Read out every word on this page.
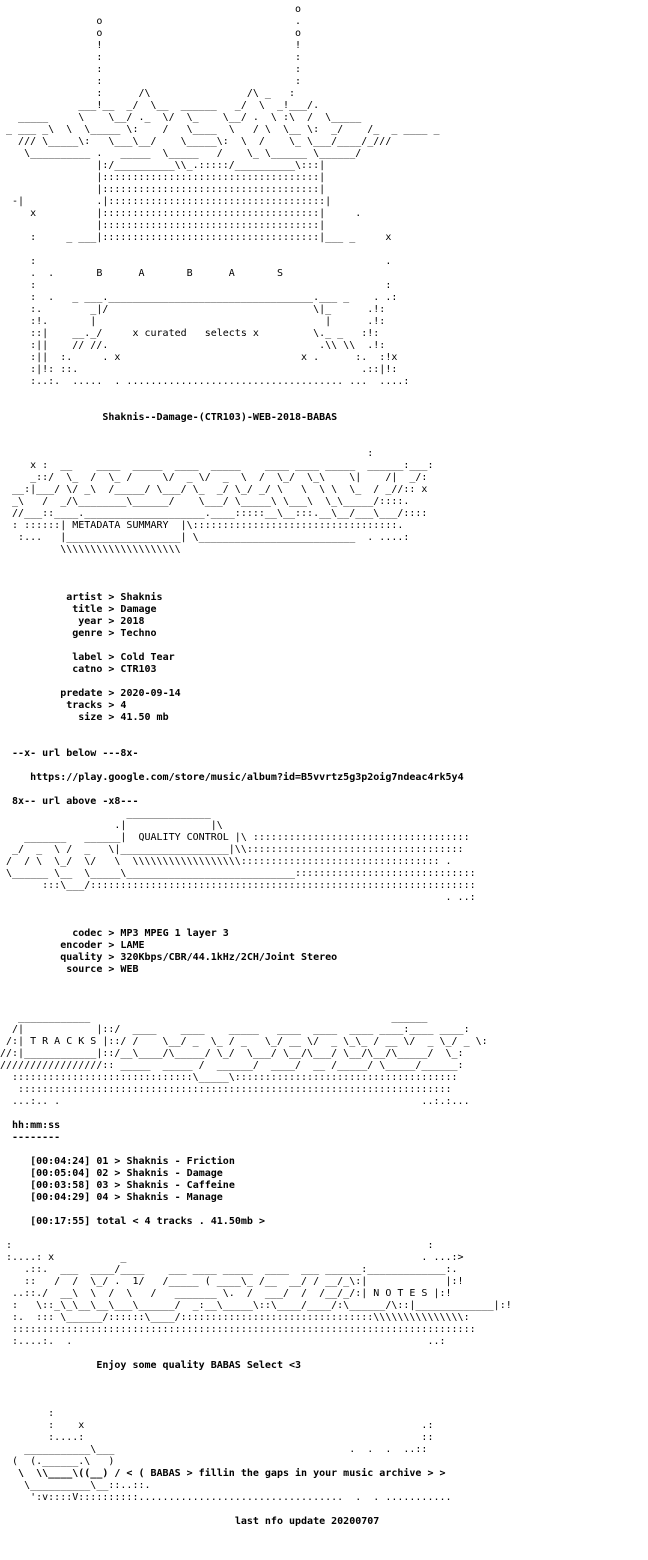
o
o                                .
o                                o
!                                !
:                                :
:                                :
:                                :
:      /\                /\ _   :
___!__  _/  \__  ______   _/  \  _!___/.
_____     \    \__/ ._  \/  \_    \__/ .  \ :\  /  \_____
_ ___ _\  \  \_____ \:    /   \____  \   / \  \__ \:  _/    /_  _ ____ _
/// \_____\:   \___\__/    \_____\:  \  /    \_ \___/____/_///
\__________ .   _____  \_____   /    \_ \______ \______/
|:/__________\\_.:::::/__________\:::|
|::::::::::::::::::::::::::::::::::::|
|::::::::::::::::::::::::::::::::::::|
-|            .|::::::::::::::::::::::::::::::::::::|
x          |::::::::::::::::::::::::::::::::::::|     .
|::::::::::::::::::::::::::::::::::::|
:     _ ___|::::::::::::::::::::::::::::::::::::|___ _     x
:                                                          .
.  .       B      A       B      A       S
:                                                          :
:  .   _ ___.__________________________________.___ _    . .:
:.        _|/                                  \|_      .!:
:!.       |                                      |      .!:
::|    __._/     x curated   selects x         \._ _   :!:
:||    // //.                                   .\\ \\  .!:
:||  :.     . x                              x .      :.  :!x
:|!: ::.                                               .::|!:
:..:.  .....  . .................................... ...  ....:
Shaknis--Damage-(CTR103)-WEB-2018-BABAS
:
x :  __    ____  _____  ____  _____    ____ ____ _____  ______:___:
_::/  \_  /  \_ /     \/  _ \/  _  \  /  \_/  \_\    \|    /|  _/:
__:|___/ \/ _\  /_____/ \___/ \_  _/ \_/ _/ \   \  \ \  \_  / _//:: x
_\   /  _/\________\______/    \___/ \_____\ \___\  \_\_____/::::.
//___::____.____________________.____:::::__\__:::.__\__/___\___/::::
: ::::::| METADATA SUMMARY  |\::::::::::::::::::::::::::::::::::.
:...   |___________________| \__________________________  . ....:
\\\\\\\\\\\\\\\\\\\\
artist > Shaknis
title > Damage
year > 2018
genre > Techno
label > Cold Tear
catno > CTR103
predate > 2020-09-14
tracks > 4
size > 41.50 mb
--x- url below ---8x-
https://play.google.com/store/music/album?id=B5vvrtz5g3p2oig7ndeac4rk5y4
8x-- url above -x8---
______________
.|              |\
_______   ______|  QUALITY CONTROL |\ ::::::::::::::::::::::::::::::::::::
_/  _  \ /  _   \|__________________|\\::::::::::::::::::::::::::::::::::::
/  / \  \_/  \/   \  \\\\\\\\\\\\\\\\\\::::::::::::::::::::::::::::::::: .
\______ \__  \_____\____________________________::::::::::::::::::::::::::::::
:::\___/::::::::::::::::::::::::::::::::::::::::::::::::::::::::::::::::
. ..:
codec > MP3 MPEG 1 layer 3
encoder > LAME
quality > 320Kbps/CBR/44.1kHz/2CH/Joint Stereo
source > WEB
____________                                                  ______
/|            |::/  ____    ____    _____   ____  ____  ____ ____:____ ____:
/:| T R A C K S |::/ /    \__/ _  \_ / _   \_/ __ \/  _ \_\_ / __ \/  _ \_/ _ \:
//:|____________|::/__\____/\_____/ \_/  \___/ \__/\___/ \__/\__/\_____/  \_:
/////////////////:: _____  _____ /  ______/  ____/  __ /_____/ \_____/______:
::::::::::::::::::::::::::::::\_____\:::::::::::::::::::::::::::::::::::::
::::::::::::::::::::::::::::::::::::::::::::::::::::::::::::::::::::::::
...:.. .                                                            ..:.:...
hh:mm:ss
--------
[00:04:24] 01 > Shaknis - Friction
[00:05:04] 02 > Shaknis - Damage
[00:03:58] 03 > Shaknis - Caffeine
[00:04:29] 04 > Shaknis - Manage
[00:17:55] total < 4 tracks . 41.50mb >
:                                                                     :
:....: x           _                                                 . ...:>
.::.  ___  ____/____    ___ ____ _____  ____  ___ ______:_____________:.
::   /  /  \_/ .  1/   /_____ ( ____\_ /__  __/ / __/_\:|             |:!
..::./  __\  \  /  \   /   _______ \.  /  ___/  /  /__/_/:| N O T E S |:!
:   \::_\_\__\__\___\______/  _:__\_____\::\____/____/:\______/\::|_____________|:!
:.  ::: \______/::::::\____/::::::::::::::::::::::::::::::::\\\\\\\\\\\\\\\:
:::::::::::::::::::::::::::::::::::::::::::::::::::::::::::::::::::::::::::::
:....:.  .                                                           ..:
Enjoy some quality BABAS Select <3
:
:    x                                                        .:
:....:                                                        ::
___________\___                                       .  .  .  ..::
(  (.______.\   )
\  \\____\((__) / < ( BABAS > fillin the gaps in your music archive > >
\__________\__::..::.
':v::::V::::::::::..................................  .  . ...........
last nfo update 20200707
